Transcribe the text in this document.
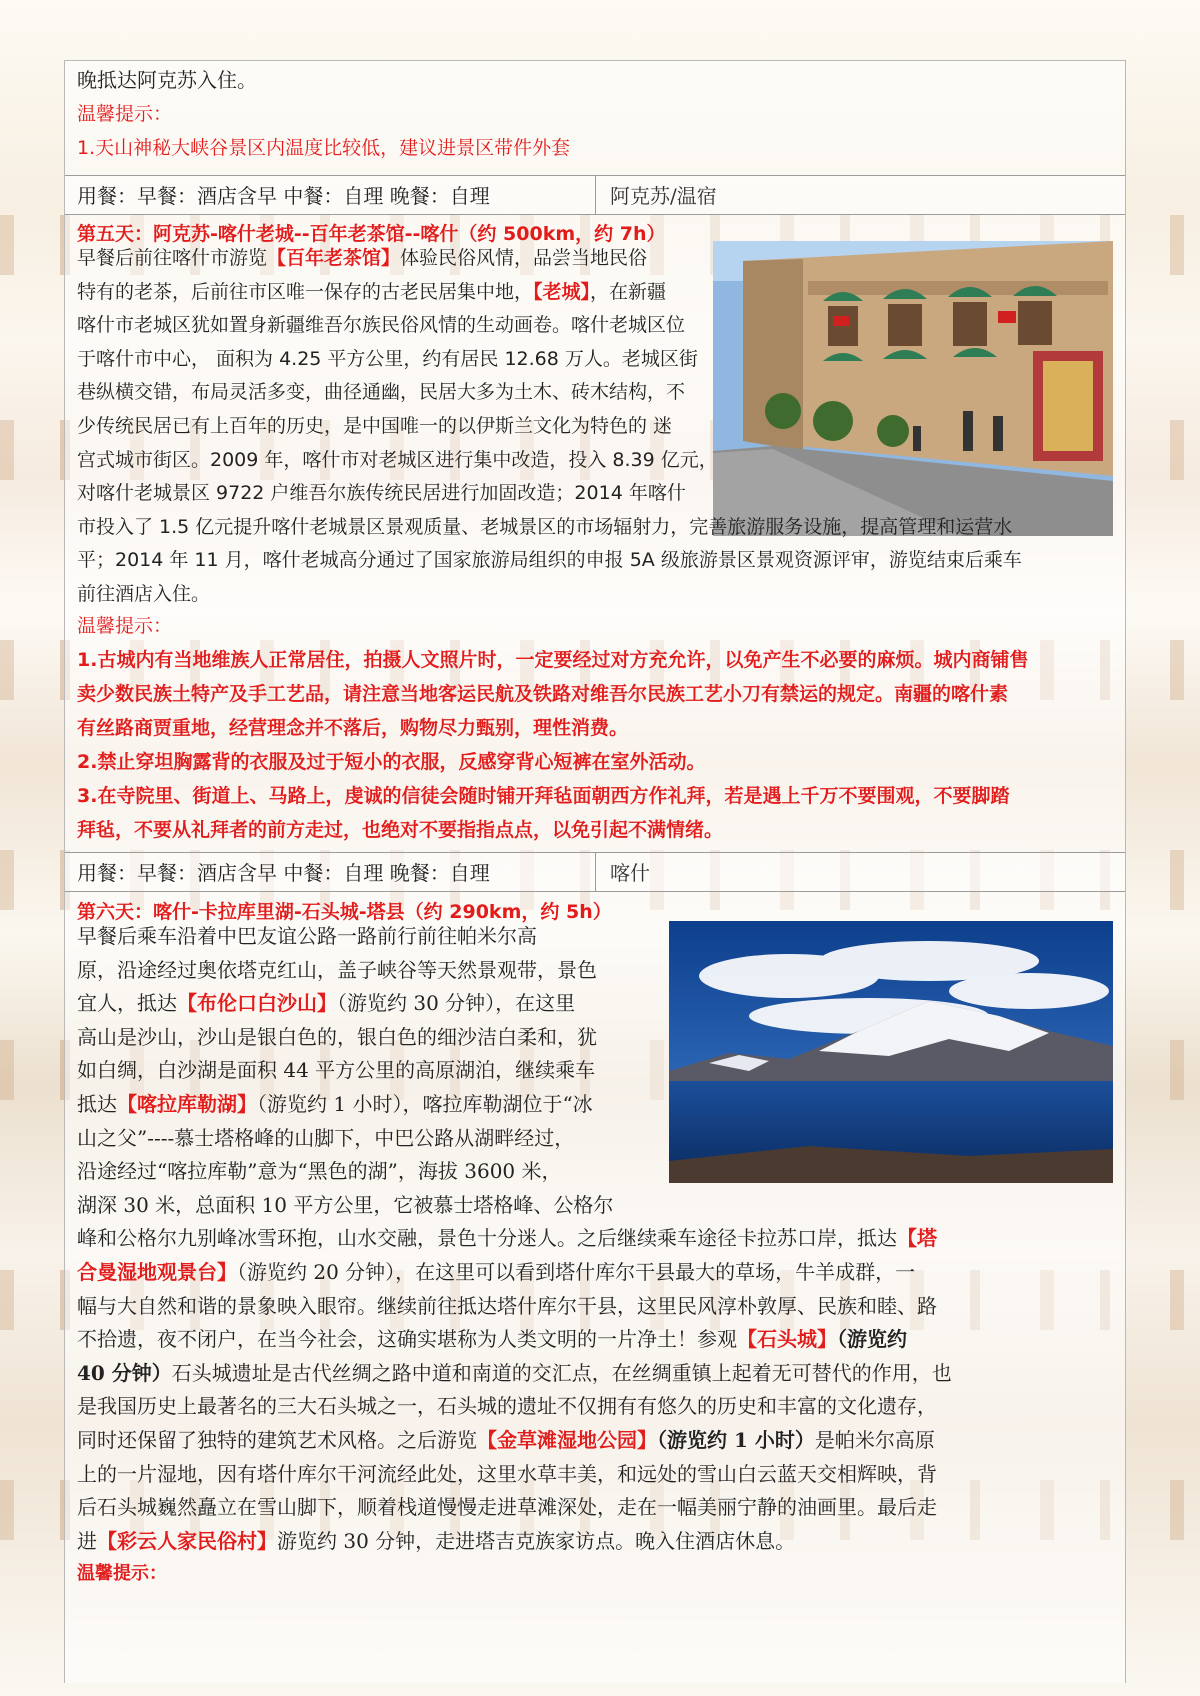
晚抵达阿克苏入住。
温馨提示：
1.天山神秘大峡谷景区内温度比较低，建议进景区带件外套
用餐：早餐：酒店含早 中餐：自理 晚餐：自理	阿克苏/温宿
第五天：阿克苏-喀什老城--百年老茶馆--喀什（约 500km，约 7h）
早餐后前往喀什市游览【百年老茶馆】体验民俗风情，品尝当地民俗
特有的老茶，后前往市区唯一保存的古老民居集中地，【老城】，在新疆
喀什市老城区犹如置身新疆维吾尔族民俗风情的生动画卷。喀什老城区位
于喀什市中心， 面积为 4.25 平方公里，约有居民 12.68 万人。老城区街
巷纵横交错，布局灵活多变，曲径通幽，民居大多为土木、砖木结构，不
少传统民居已有上百年的历史，是中国唯一的以伊斯兰文化为特色的 迷
宫式城市街区。2009 年，喀什市对老城区进行集中改造，投入 8.39 亿元，
对喀什老城景区 9722 户维吾尔族传统民居进行加固改造；2014 年喀什
市投入了 1.5 亿元提升喀什老城景区景观质量、老城景区的市场辐射力，完善旅游服务设施，提高管理和运营水
平；2014 年 11 月，喀什老城高分通过了国家旅游局组织的申报 5A 级旅游景区景观资源评审，游览结束后乘车
前往酒店入住。
温馨提示：
1.古城内有当地维族人正常居住，拍摄人文照片时，一定要经过对方充允许，以免产生不必要的麻烦。城内商铺售
卖少数民族土特产及手工艺品，请注意当地客运民航及铁路对维吾尔民族工艺小刀有禁运的规定。南疆的喀什素
有丝路商贾重地，经营理念并不落后，购物尽力甄别，理性消费。
2.禁止穿坦胸露背的衣服及过于短小的衣服，反感穿背心短裤在室外活动。
3.在寺院里、街道上、马路上，虔诚的信徒会随时铺开拜毡面朝西方作礼拜，若是遇上千万不要围观，不要脚踏
拜毡，不要从礼拜者的前方走过，也绝对不要指指点点，以免引起不满情绪。
用餐：早餐：酒店含早 中餐：自理 晚餐：自理	喀什
第六天：喀什-卡拉库里湖-石头城-塔县（约 290km，约 5h）
早餐后乘车沿着中巴友谊公路一路前行前往帕米尔高
原，沿途经过奥依塔克红山，盖子峡谷等天然景观带，景色
宜人，抵达【布伦口白沙山】（游览约 30 分钟），在这里
高山是沙山，沙山是银白色的，银白色的细沙洁白柔和，犹
如白绸，白沙湖是面积 44 平方公里的高原湖泊，继续乘车
抵达【喀拉库勒湖】（游览约 1 小时），喀拉库勒湖位于“冰
山之父”----慕士塔格峰的山脚下，中巴公路从湖畔经过，
沿途经过“喀拉库勒”意为“黑色的湖”，海拔 3600 米，
湖深 30 米，总面积 10 平方公里，它被慕士塔格峰、公格尔
峰和公格尔九别峰冰雪环抱，山水交融，景色十分迷人。之后继续乘车途径卡拉苏口岸，抵达【塔
合曼湿地观景台】（游览约 20 分钟），在这里可以看到塔什库尔干县最大的草场，牛羊成群，一
幅与大自然和谐的景象映入眼帘。继续前往抵达塔什库尔干县，这里民风淳朴敦厚、民族和睦、路
不拾遗，夜不闭户，在当今社会，这确实堪称为人类文明的一片净土！参观【石头城】（游览约
40 分钟）石头城遗址是古代丝绸之路中道和南道的交汇点，在丝绸重镇上起着无可替代的作用，也
是我国历史上最著名的三大石头城之一，石头城的遗址不仅拥有有悠久的历史和丰富的文化遗存，
同时还保留了独特的建筑艺术风格。之后游览【金草滩湿地公园】（游览约 1 小时）是帕米尔高原
上的一片湿地，因有塔什库尔干河流经此处，这里水草丰美，和远处的雪山白云蓝天交相辉映，背
后石头城巍然矗立在雪山脚下，顺着栈道慢慢走进草滩深处，走在一幅美丽宁静的油画里。最后走
进【彩云人家民俗村】游览约 30 分钟，走进塔吉克族家访点。晚入住酒店休息。
温馨提示：
